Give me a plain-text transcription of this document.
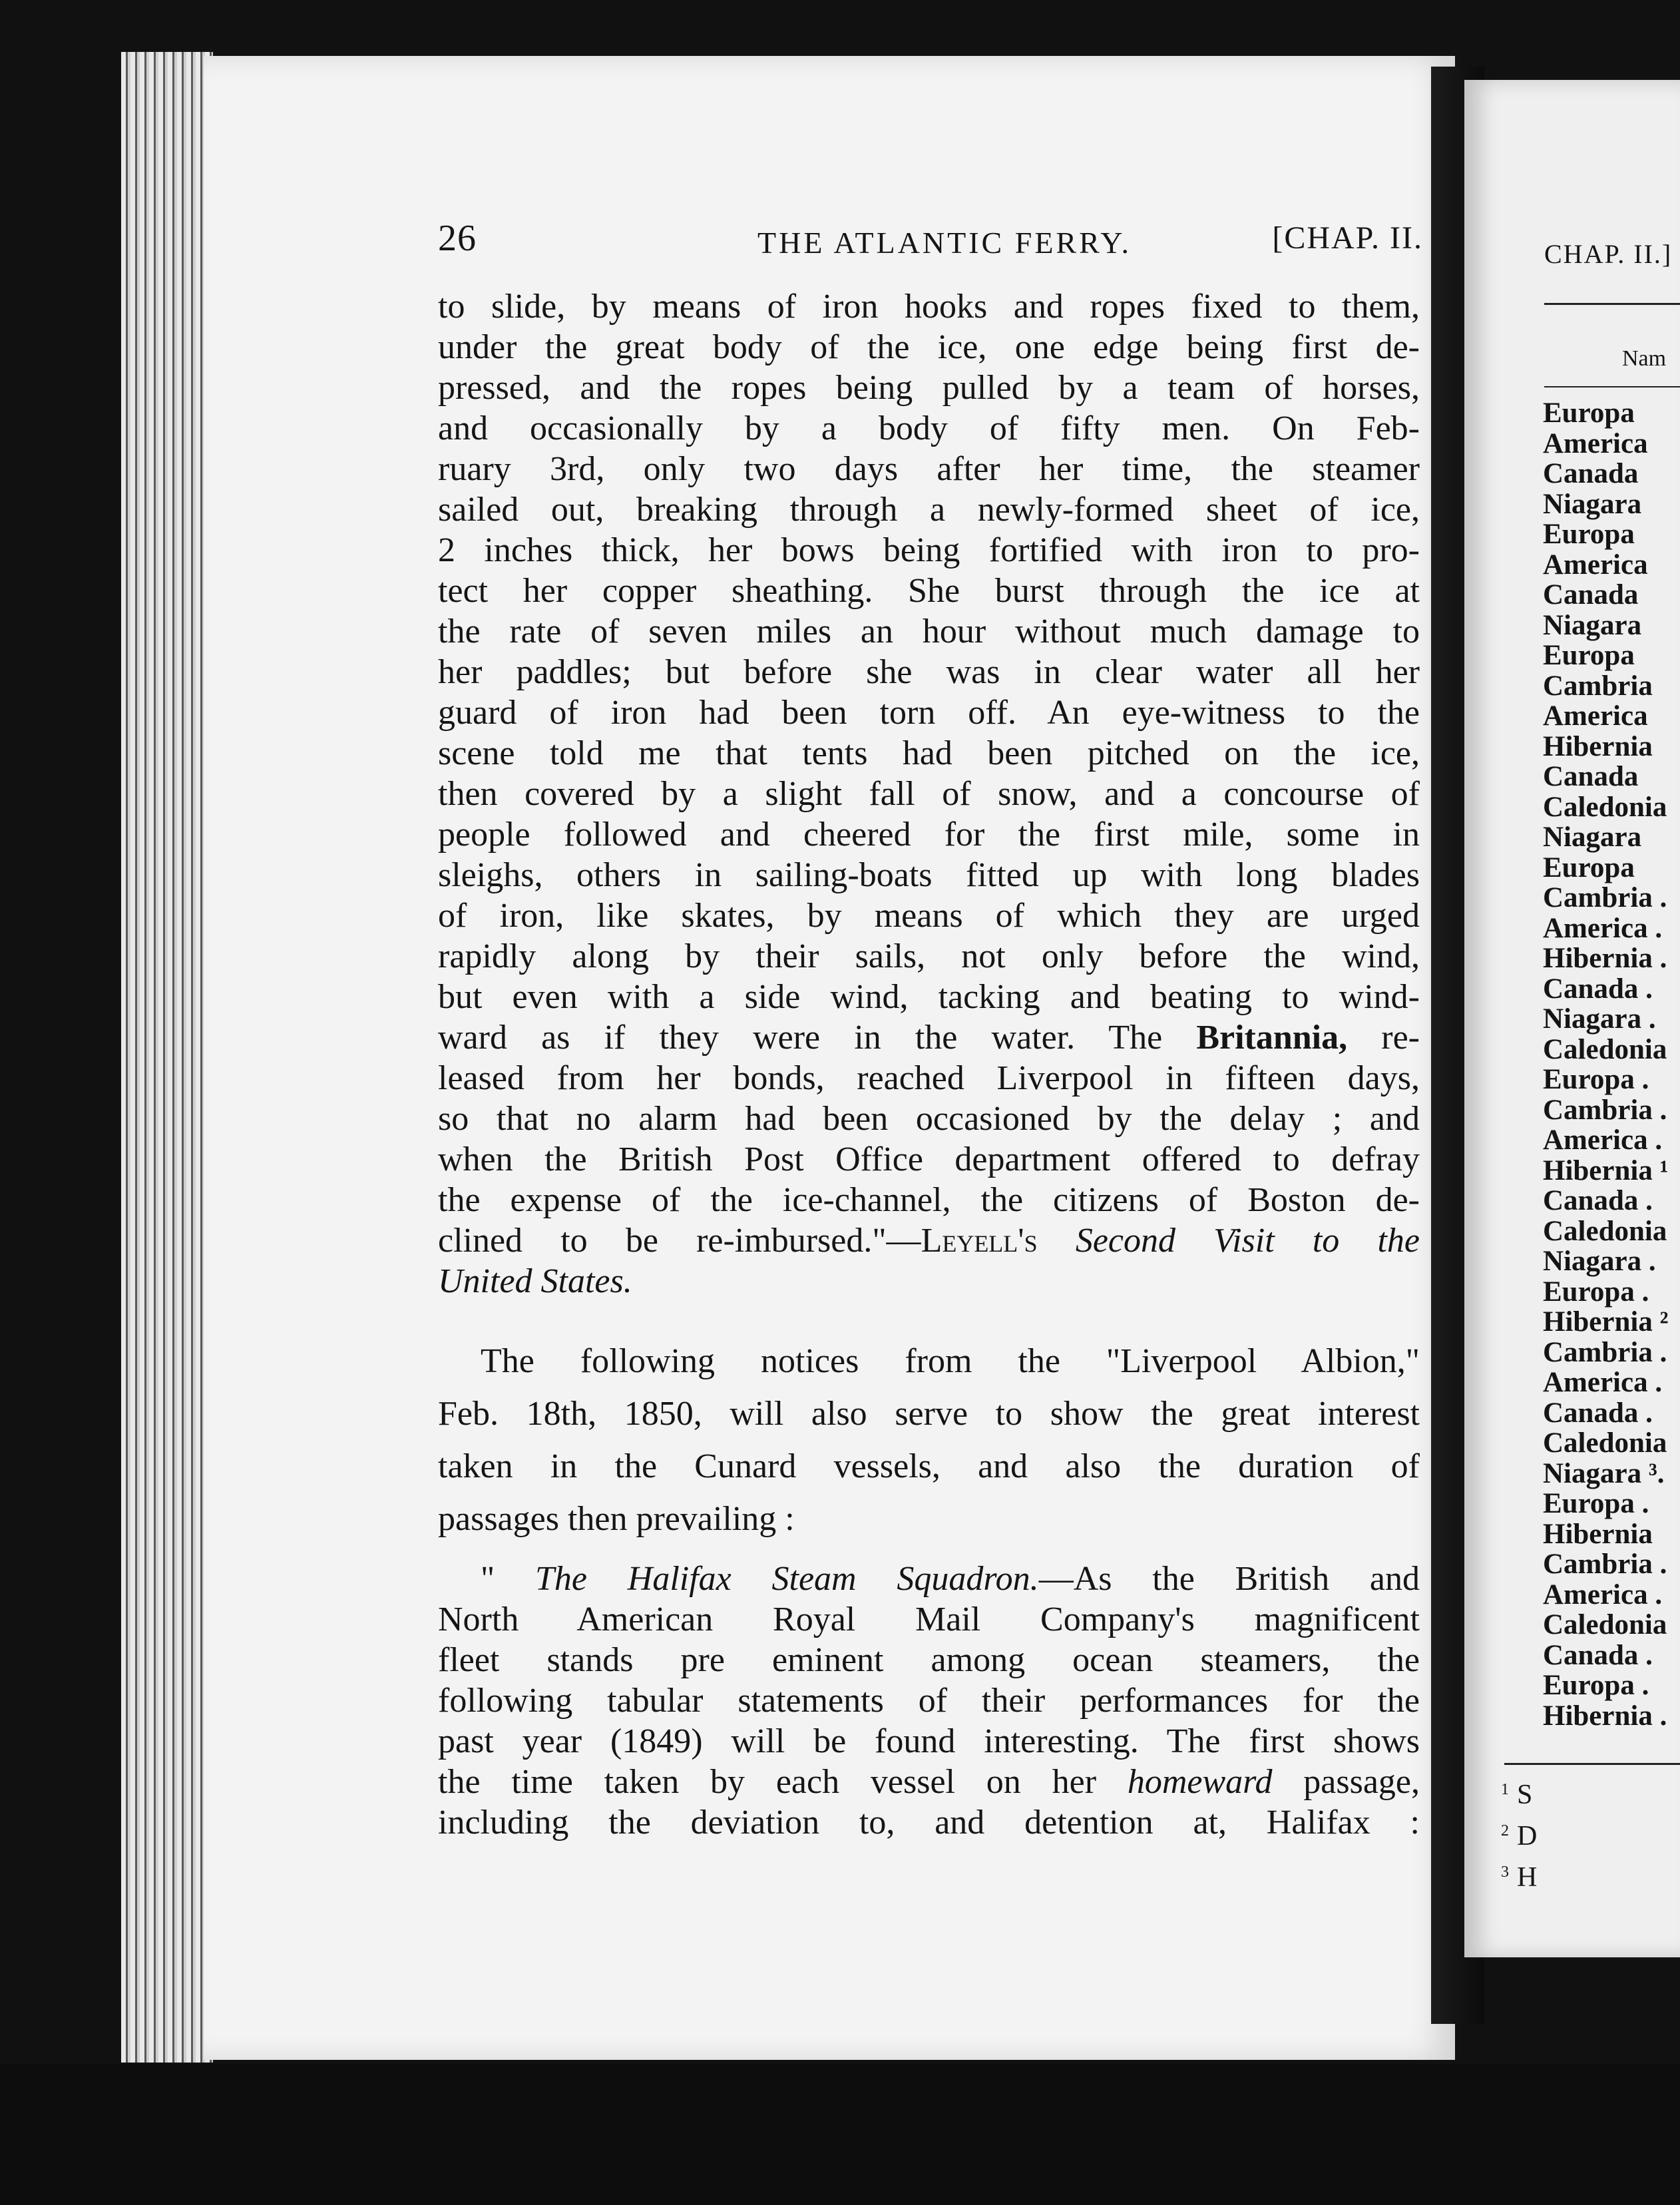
CHAP. II.]
Nam
Europa
America
Canada
Niagara
Europa
America
Canada
Niagara
Europa
Cambria
America
Hibernia
Canada
Caledonia
Niagara
Europa
Cambria .
America .
Hibernia .
Canada .
Niagara .
Caledonia
Europa .
Cambria .
America .
Hibernia ¹
Canada .
Caledonia
Niagara .
Europa .
Hibernia ²
Cambria .
America .
Canada .
Caledonia
Niagara ³.
Europa .
Hibernia
Cambria .
America .
Caledonia
Canada .
Europa .
Hibernia .
$^1$ S
$^2$ D
$^3$ H
26	THE ATLANTIC FERRY.	[CHAP. II.

to slide, by means of iron hooks and ropes fixed to them,
under the great body of the ice, one edge being first de-
pressed, and the ropes being pulled by a team of horses,
and occasionally by a body of fifty men. On Feb-
ruary 3rd, only two days after her time, the steamer
sailed out, breaking through a newly-formed sheet of ice,
2 inches thick, her bows being fortified with iron to pro-
tect her copper sheathing. She burst through the ice at
the rate of seven miles an hour without much damage to
her paddles; but before she was in clear water all her
guard of iron had been torn off. An eye-witness to the
scene told me that tents had been pitched on the ice,
then covered by a slight fall of snow, and a concourse of
people followed and cheered for the first mile, some in
sleighs, others in sailing-boats fitted up with long blades
of iron, like skates, by means of which they are urged
rapidly along by their sails, not only before the wind,
but even with a side wind, tacking and beating to wind-
ward as if they were in the water. The Britannia, re-
leased from her bonds, reached Liverpool in fifteen days,
so that no alarm had been occasioned by the delay ; and
when the British Post Office department offered to defray
the expense of the ice-channel, the citizens of Boston de-
clined to be re-imbursed."—Leyell's Second Visit to the
United States.

The following notices from the "Liverpool Albion,"
Feb. 18th, 1850, will also serve to show the great interest
taken in the Cunard vessels, and also the duration of
passages then prevailing :

" The Halifax Steam Squadron.—As the British and
North American Royal Mail Company's magnificent
fleet stands pre eminent among ocean steamers, the
following tabular statements of their performances for the
past year (1849) will be found interesting. The first shows
the time taken by each vessel on her homeward passage,
including the deviation to, and detention at, Halifax :
